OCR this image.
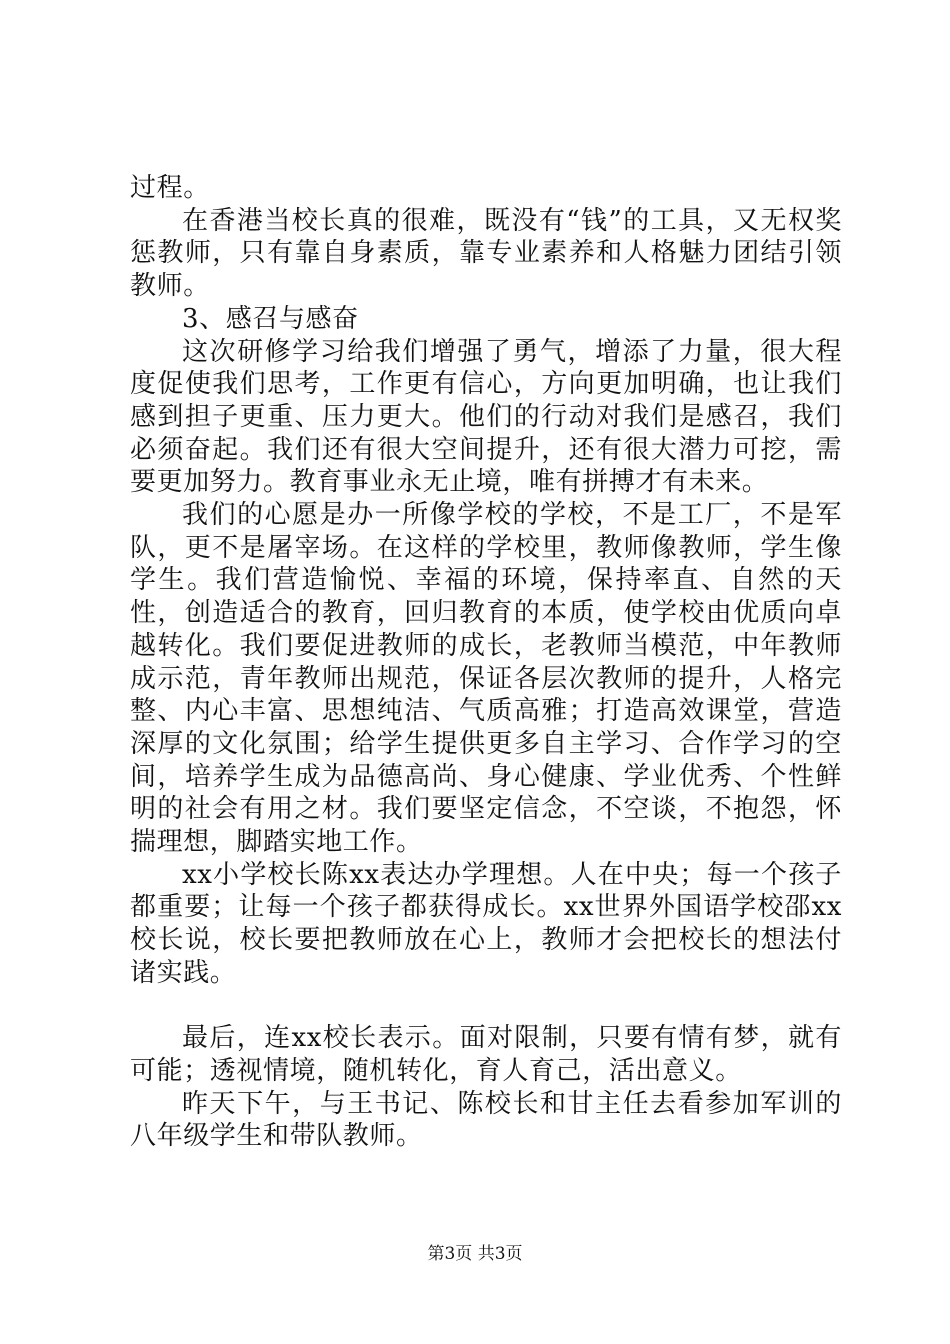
过程。

在香港当校长真的很难，既没有“钱”的工具，又无权奖惩教师，只有靠自身素质，靠专业素养和人格魅力团结引领教师。

3、感召与感奋

这次研修学习给我们增强了勇气，增添了力量，很大程度促使我们思考，工作更有信心，方向更加明确，也让我们感到担子更重、压力更大。他们的行动对我们是感召，我们必须奋起。我们还有很大空间提升，还有很大潜力可挖，需要更加努力。教育事业永无止境，唯有拼搏才有未来。

我们的心愿是办一所像学校的学校，不是工厂，不是军队，更不是屠宰场。在这样的学校里，教师像教师，学生像学生。我们营造愉悦、幸福的环境，保持率直、自然的天性，创造适合的教育，回归教育的本质，使学校由优质向卓越转化。我们要促进教师的成长，老教师当模范，中年教师成示范，青年教师出规范，保证各层次教师的提升，人格完整、内心丰富、思想纯洁、气质高雅；打造高效课堂，营造深厚的文化氛围；给学生提供更多自主学习、合作学习的空间，培养学生成为品德高尚、身心健康、学业优秀、个性鲜明的社会有用之材。我们要坚定信念，不空谈，不抱怨，怀揣理想，脚踏实地工作。

xx小学校长陈xx表达办学理想。人在中央；每一个孩子都重要；让每一个孩子都获得成长。xx世界外国语学校邵xx校长说，校长要把教师放在心上，教师才会把校长的想法付诸实践。

最后，连xx校长表示。面对限制，只要有情有梦，就有可能；透视情境，随机转化，育人育己，活出意义。

昨天下午，与王书记、陈校长和甘主任去看参加军训的八年级学生和带队教师。

第3页 共3页
